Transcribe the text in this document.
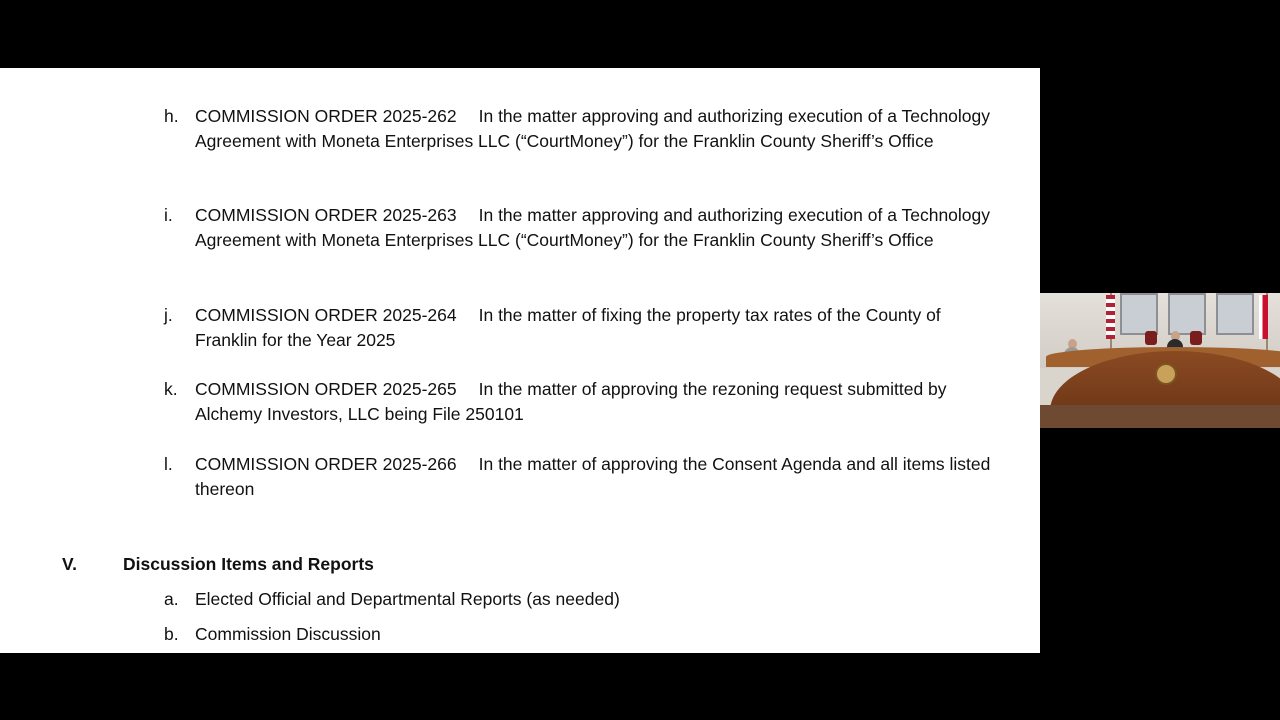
h. COMMISSION ORDER 2025-262 In the matter approving and authorizing execution of a Technology Agreement with Moneta Enterprises LLC (“CourtMoney”) for the Franklin County Sheriff’s Office
i. COMMISSION ORDER 2025-263 In the matter approving and authorizing execution of a Technology Agreement with Moneta Enterprises LLC (“CourtMoney”) for the Franklin County Sheriff’s Office
j. COMMISSION ORDER 2025-264 In the matter of fixing the property tax rates of the County of Franklin for the Year 2025
k. COMMISSION ORDER 2025-265 In the matter of approving the rezoning request submitted by Alchemy Investors, LLC being File 250101
l. COMMISSION ORDER 2025-266 In the matter of approving the Consent Agenda and all items listed thereon
V.	Discussion Items and Reports
a. Elected Official and Departmental Reports (as needed)
b. Commission Discussion
